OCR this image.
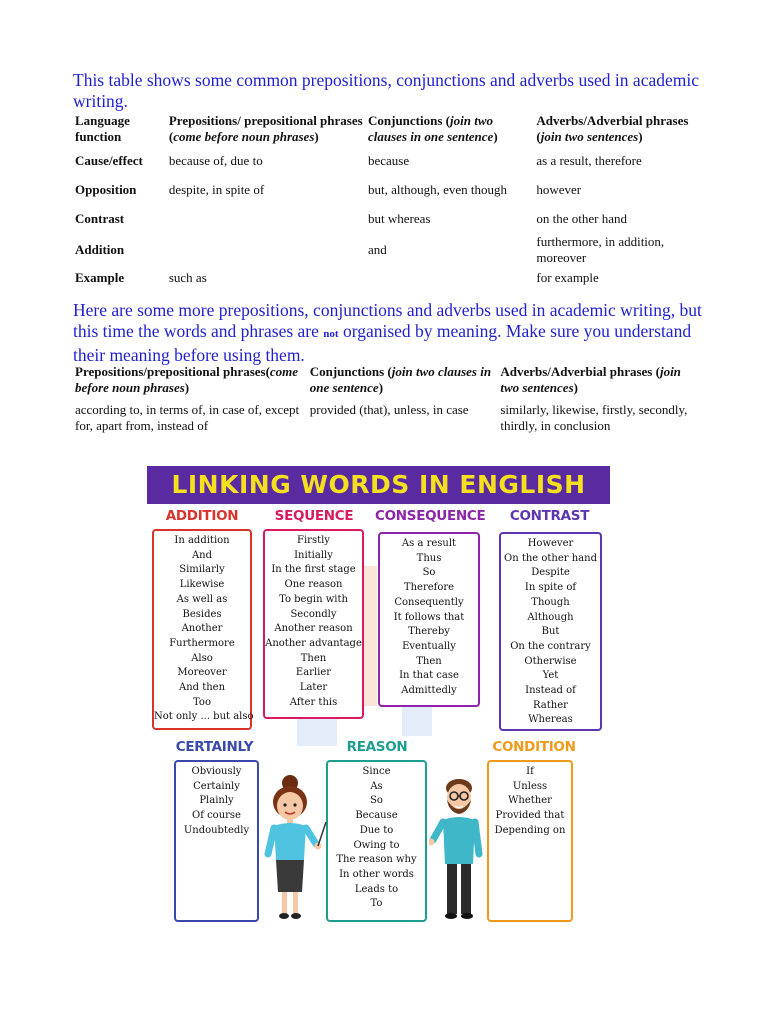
This table shows some common prepositions, conjunctions and adverbs used in academic writing.

Language function	Prepositions/ prepositional phrases (come before noun phrases)	Conjunctions (join two clauses in one sentence)	Adverbs/Adverbial phrases (join two sentences)
Cause/effect	because of, due to	because	as a result, therefore
Opposition	despite, in spite of	but, although, even though	however
Contrast		but whereas	on the other hand
Addition		and	furthermore, in addition, moreover
Example	such as		for example

Here are some more prepositions, conjunctions and adverbs used in academic writing, but this time the words and phrases are not organised by meaning. Make sure you understand their meaning before using them.

Prepositions/prepositional phrases(come before noun phrases)	Conjunctions (join two clauses in one sentence)	Adverbs/Adverbial phrases (join two sentences)
according to, in terms of, in case of, except for, apart from, instead of	provided (that), unless, in case	similarly, likewise, firstly, secondly, thirdly, in conclusion
LINKING WORDS IN ENGLISH
ADDITION	SEQUENCE	CONSEQUENCE	CONTRAST
In addition
And
Similarly
Likewise
As well as
Besides
Another
Furthermore
Also
Moreover
And then
Too
Not only ... but also
Firstly
Initially
In the first stage
One reason
To begin with
Secondly
Another reason
Another advantage
Then
Earlier
Later
After this
As a result
Thus
So
Therefore
Consequently
It follows that
Thereby
Eventually
Then
In that case
Admittedly
However
On the other hand
Despite
In spite of
Though
Although
But
On the contrary
Otherwise
Yet
Instead of
Rather
Whereas
CERTAINLY	REASON	CONDITION
Obviously
Certainly
Plainly
Of course
Undoubtedly
Since
As
So
Because
Due to
Owing to
The reason why
In other words
Leads to
To
If
Unless
Whether
Provided that
Depending on
